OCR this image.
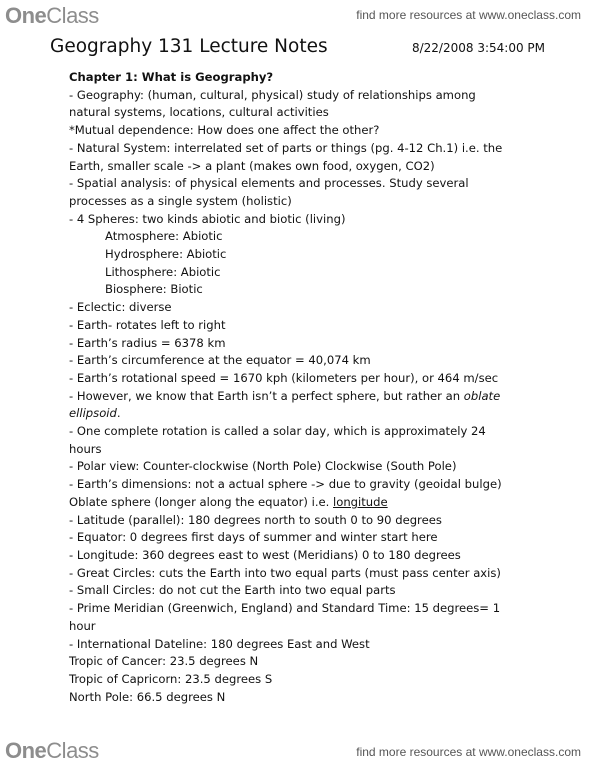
OneClass	find more resources at www.oneclass.com
Geography 131 Lecture Notes	8/22/2008 3:54:00 PM
Chapter 1: What is Geography?
- Geography: (human, cultural, physical) study of relationships among
natural systems, locations, cultural activities
*Mutual dependence: How does one affect the other?
- Natural System: interrelated set of parts or things (pg. 4-12 Ch.1) i.e. the
Earth, smaller scale -> a plant (makes own food, oxygen, CO2)
- Spatial analysis: of physical elements and processes. Study several
processes as a single system (holistic)
- 4 Spheres: two kinds abiotic and biotic (living)
Atmosphere: Abiotic
Hydrosphere: Abiotic
Lithosphere: Abiotic
Biosphere: Biotic
- Eclectic: diverse
- Earth- rotates left to right
- Earth’s radius = 6378 km
- Earth’s circumference at the equator = 40,074 km
- Earth’s rotational speed = 1670 kph (kilometers per hour), or 464 m/sec
- However, we know that Earth isn’t a perfect sphere, but rather an oblate ellipsoid.
- One complete rotation is called a solar day, which is approximately 24
hours
- Polar view: Counter-clockwise (North Pole) Clockwise (South Pole)
- Earth’s dimensions: not a actual sphere -> due to gravity (geoidal bulge)
Oblate sphere (longer along the equator) i.e. longitude
- Latitude (parallel): 180 degrees north to south 0 to 90 degrees
- Equator: 0 degrees first days of summer and winter start here
- Longitude: 360 degrees east to west (Meridians) 0 to 180 degrees
- Great Circles: cuts the Earth into two equal parts (must pass center axis)
- Small Circles: do not cut the Earth into two equal parts
- Prime Meridian (Greenwich, England) and Standard Time: 15 degrees= 1
hour
- International Dateline: 180 degrees East and West
Tropic of Cancer: 23.5 degrees N
Tropic of Capricorn: 23.5 degrees S
North Pole: 66.5 degrees N
OneClass	find more resources at www.oneclass.com
